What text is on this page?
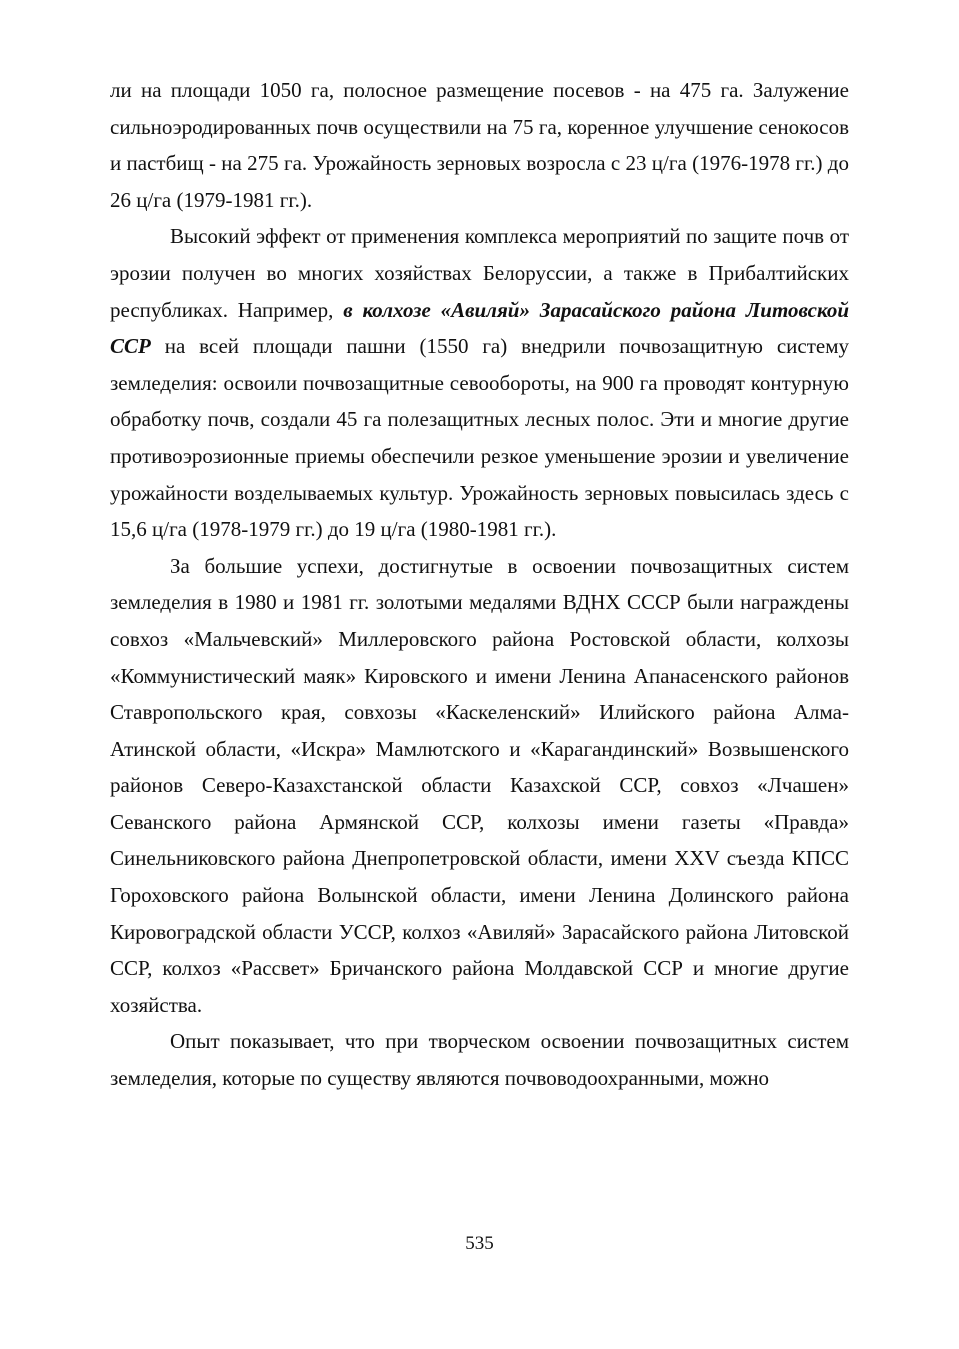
ли на площади 1050 га, полосное размещение посевов - на 475 га. Залужение сильноэродированных почв осуществили на 75 га, коренное улучшение сенокосов и пастбищ - на 275 га. Урожайность зерновых возросла с 23 ц/га (1976-1978 гг.) до 26 ц/га (1979-1981 гг.).

Высокий эффект от применения комплекса мероприятий по защите почв от эрозии получен во многих хозяйствах Белоруссии, а также в Прибалтийских республиках. Например, в колхозе «Авиляй» Зарасайского района Литовской ССР на всей площади пашни (1550 га) внедрили почвозащитную систему земледелия: освоили почвозащитные севообороты, на 900 га проводят контурную обработку почв, создали 45 га полезащитных лесных полос. Эти и многие другие противоэрозионные приемы обеспечили резкое уменьшение эрозии и увеличение урожайности возделываемых культур. Урожайность зерновых повысилась здесь с 15,6 ц/га (1978-1979 гг.) до 19 ц/га (1980-1981 гг.).

За большие успехи, достигнутые в освоении почвозащитных систем земледелия в 1980 и 1981 гг. золотыми медалями ВДНХ СССР были награждены совхоз «Мальчевский» Миллеровского района Ростовской области, колхозы «Коммунистический маяк» Кировского и имени Ленина Апанасенского районов Ставропольского края, совхозы «Каскеленский» Илийского района Алма-Атинской области, «Искра» Мамлютского и «Карагандинский» Возвышенского районов Северо-Казахстанской области Казахской ССР, совхоз «Лчашен» Севанского района Армянской ССР, колхозы имени газеты «Правда» Синельниковского района Днепропетровской области, имени XXV съезда КПСС Гороховского района Волынской области, имени Ленина Долинского района Кировоградской области УССР, колхоз «Авиляй» Зарасайского района Литовской ССР, колхоз «Рассвет» Бричанского района Молдавской ССР и многие другие хозяйства.

Опыт показывает, что при творческом освоении почвозащитных систем земледелия, которые по существу являются почвоводоохранными, можно

535
